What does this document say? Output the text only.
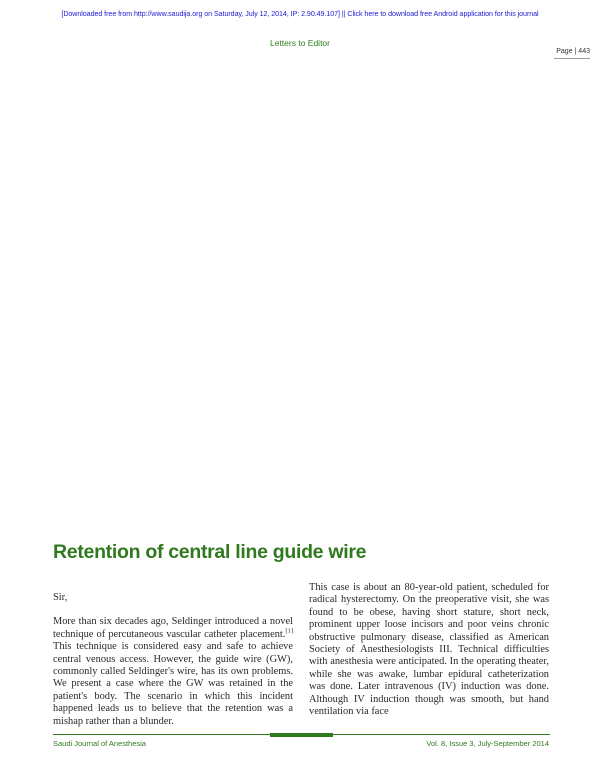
[Downloaded free from http://www.saudija.org on Saturday, July 12, 2014, IP: 2.90.49.107] || Click here to download free Android application for this journal
Letters to Editor
Page | 443
Retention of central line guide wire

Sir,

More than six decades ago, Seldinger introduced a novel technique of percutaneous vascular catheter placement.[1] This technique is considered easy and safe to achieve central venous access. However, the guide wire (GW), commonly called Seldinger's wire, has its own problems. We present a case where the GW was retained in the patient's body. The scenario in which this incident happened leads us to believe that the retention was a mishap rather than a blunder.

This case is about an 80-year-old patient, scheduled for radical hysterectomy. On the preoperative visit, she was found to be obese, having short stature, short neck, prominent upper loose incisors and poor veins chronic obstructive pulmonary disease, classified as American Society of Anesthesiologists III. Technical difficulties with anesthesia were anticipated. In the operating theater, while she was awake, lumbar epidural catheterization was done. Later intravenous (IV) induction was done. Although IV induction though was smooth, but hand ventilation via face

Saudi Journal of Anesthesia	Vol. 8, Issue 3, July-September 2014
